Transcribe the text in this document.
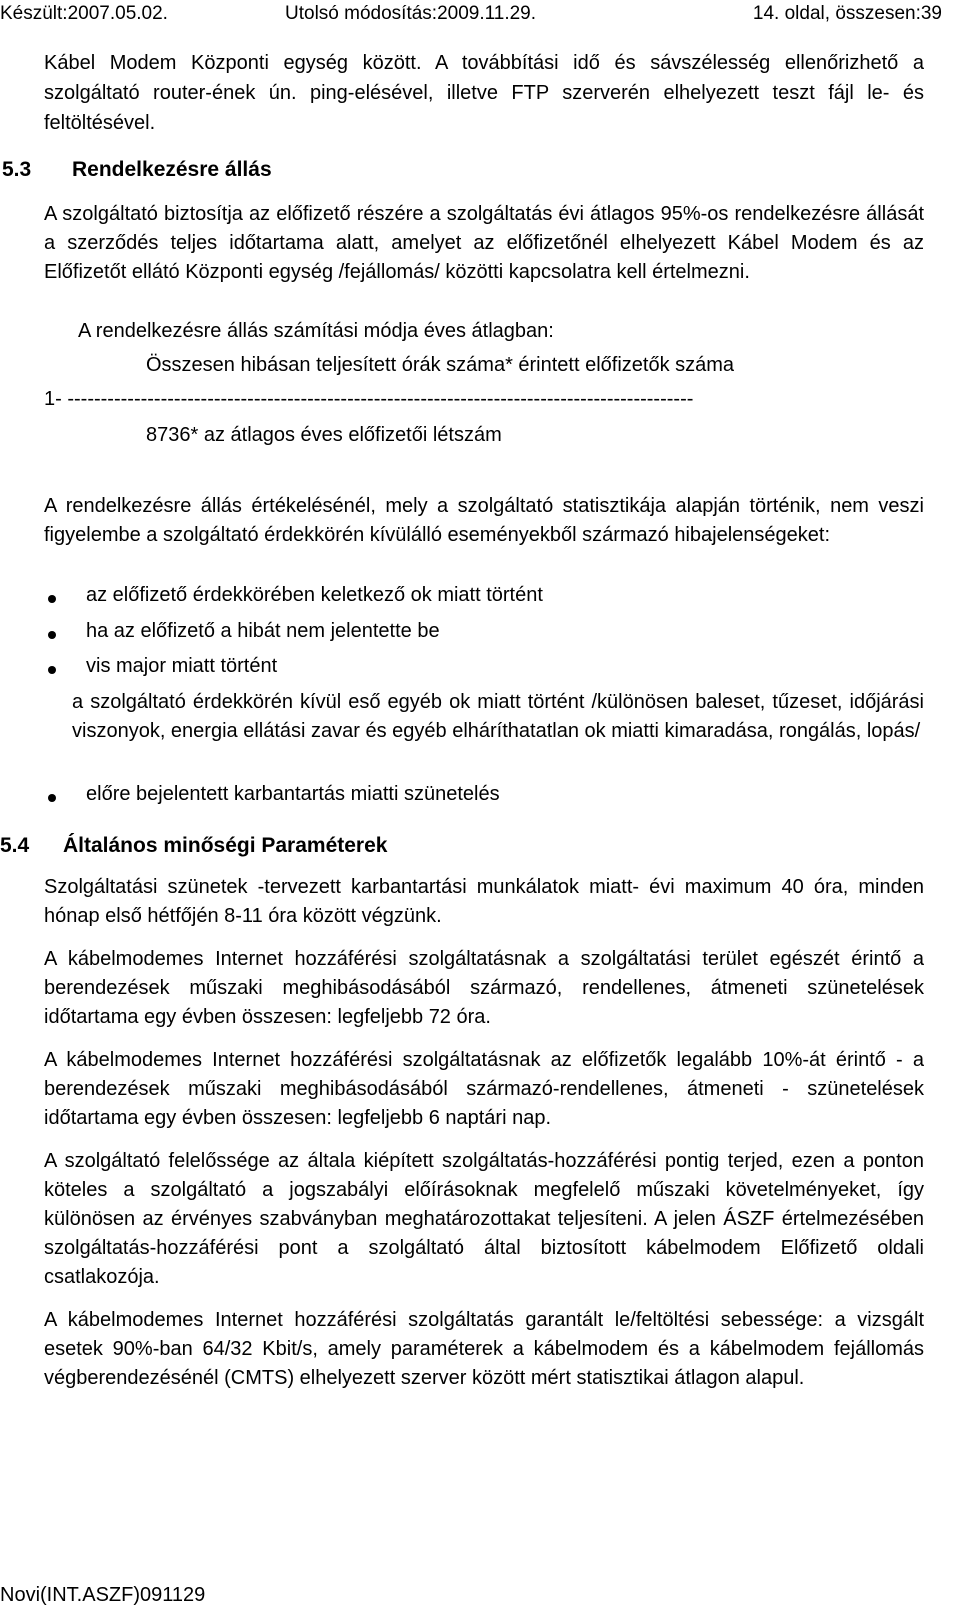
Készült:2007.05.02.	Utolsó módosítás:2009.11.29.	14. oldal, összesen:39
Kábel Modem Központi egység között. A továbbítási idő és sávszélesség ellenőrizhető a szolgáltató router-ének ún. ping-elésével, illetve FTP szerverén elhelyezett teszt fájl le- és feltöltésével.
5.3 Rendelkezésre állás
A szolgáltató biztosítja az előfizető részére a szolgáltatás évi átlagos 95%-os rendelkezésre állását a szerződés teljes időtartama alatt, amelyet az előfizetőnél elhelyezett Kábel Modem és az Előfizetőt ellátó Központi egység /fejállomás/ közötti kapcsolatra kell értelmezni.
A rendelkezésre állás számítási módja éves átlagban:
Összesen hibásan teljesített órák száma* érintett előfizetők száma
1- ----------------------------------------------------------------------------------------------
8736* az átlagos éves előfizetői létszám
A rendelkezésre állás értékelésénél, mely a szolgáltató statisztikája alapján történik, nem veszi figyelembe a szolgáltató érdekkörén kívülálló eseményekből származó hibajelenségeket:
az előfizető érdekkörében keletkező ok miatt történt
ha az előfizető a hibát nem jelentette be
vis major miatt történt
a szolgáltató érdekkörén kívül eső egyéb ok miatt történt /különösen baleset, tűzeset, időjárási viszonyok, energia ellátási zavar és egyéb elháríthatatlan ok miatti kimaradása, rongálás, lopás/
előre bejelentett karbantartás miatti szünetelés
5.4 Általános minőségi Paraméterek

Szolgáltatási szünetek -tervezett karbantartási munkálatok miatt- évi maximum 40 óra, minden hónap első hétfőjén 8-11 óra között végzünk.

A kábelmodemes Internet hozzáférési szolgáltatásnak a szolgáltatási terület egészét érintő a berendezések műszaki meghibásodásából származó, rendellenes, átmeneti szünetelések időtartama egy évben összesen: legfeljebb 72 óra.

A kábelmodemes Internet hozzáférési szolgáltatásnak az előfizetők legalább 10%-át érintő - a berendezések műszaki meghibásodásából származó-rendellenes, átmeneti - szünetelések időtartama egy évben összesen: legfeljebb 6 naptári nap.

A szolgáltató felelőssége az általa kiépített szolgáltatás-hozzáférési pontig terjed, ezen a ponton köteles a szolgáltató a jogszabályi előírásoknak megfelelő műszaki követelményeket, így különösen az érvényes szabványban meghatározottakat teljesíteni. A jelen ÁSZF értelmezésében szolgáltatás-hozzáférési pont a szolgáltató által biztosított kábelmodem Előfizető oldali csatlakozója.

A kábelmodemes Internet hozzáférési szolgáltatás garantált le/feltöltési sebessége: a vizsgált esetek 90%-ban 64/32 Kbit/s, amely paraméterek a kábelmodem és a kábelmodem fejállomás végberendezésénél (CMTS) elhelyezett szerver között mért statisztikai átlagon alapul.

Novi(INT.ASZF)091129
